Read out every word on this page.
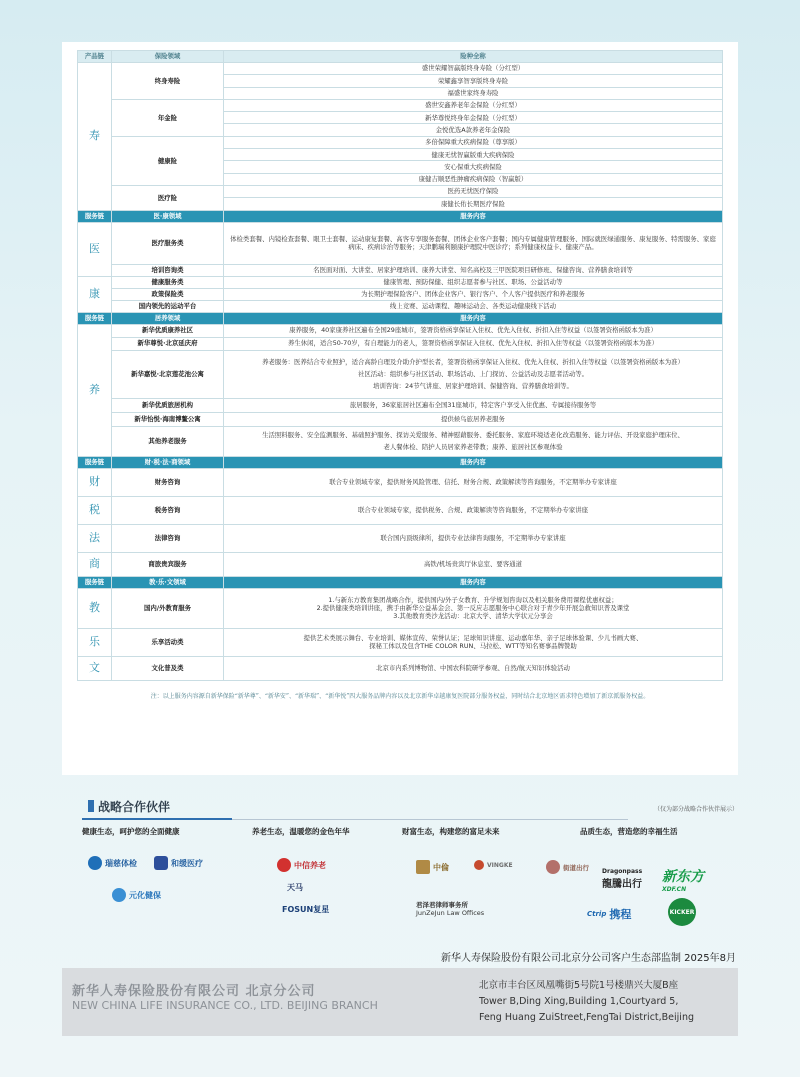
产品链	保险领域	险种全称
寿	终身寿险	盛世荣耀智赢版终身寿险（分红型）
		荣耀鑫享智享版终身寿险
		福盛世家终身寿险
	年金险	盛世安鑫养老年金保险（分红型）
		新华尊悦终身年金保险（分红型）
		金悦优选A款养老年金保险
	健康险	多倍保障重大疾病保险（尊享版）
		健康无忧智赢版重大疾病保险
		安心保重大疾病保险
		康健吉顺恶性肿瘤疾病保险（智赢版）
	医疗险	医药无忧医疗保险
		康健长佑长期医疗保险
服务链	医·康领域	服务内容
医	医疗服务类	体检类套餐、内镜检查套餐、眼卫士套餐、运动康复套餐、高客专享服务套餐、团体企业客户套餐；国内专属健康管理服务、国际就医绿通服务、康复服务、特需服务、家庭病床、疾病诊治等服务；天津鹏瑞利颐康护理院中医诊疗；系列健康权益卡、健康产品。
	培训咨询类	名医面对面、大讲堂、居家护理培训、康养大讲堂、知名高校及三甲医院项目研修班、保健咨询、营养膳食培训等
康	健康服务类	健康管理、预防保健、组织志愿者参与社区、职场、公益活动等
	政策保险类	为长期护理保险客户、团体企业客户、银行客户、个人客户提供医疗和养老服务
	国内领先的运动平台	线上竞赛、运动课程、趣味运动会、各类运动健康线下活动
服务链	居养领域	服务内容
养	新华优质康养社区	康养服务，40家康养社区遍布全国29座城市，签署资格函享保证入住权、优先入住权、折扣入住等权益（以签署资格函版本为准）

	新华尊悦·北京延庆府	养生休闲，适合50-70岁，有自理能力的老人，签署资格函享保证入住权、优先入住权、折扣入住等权益（以签署资格函版本为准）

	新华嘉悦·北京莲花池公寓	养老服务：医养结合专业照护，适合高龄自理及介助介护型长者，签署资格函享保证入住权、优先入住权、折扣入住等权益（以签署资格函版本为准）
社区活动：组织参与社区活动、职场活动、上门探访、公益活动及志愿者活动等。
培训咨询：24节气讲座、居家护理培训、保健咨询、营养膳食培训等。

	新华优质旅居机构	旅居服务，36家旅居社区遍布全国31座城市，特定客户享受入住优惠、专属接待服务等

	新华怡悦·海南博鳌公寓	提供候鸟旅居养老服务

	其他养老服务	生活照料服务、安全监测服务、基础照护服务、探访关爱服务、精神慰藉服务、委托服务、家庭环境适老化改造服务、能力评估、开设家庭护理床位、
老人餐体检、陪护人员居家养老带教；康养、旅居社区参观体验

服务链	财·税·法·商领域	服务内容
财	财务咨询	联合专业领域专家，提供财务风险管理、信托、财务合规、政策解读等咨询服务，不定期举办专家讲座
税	税务咨询	联合专业领域专家，提供税务、合规、政策解读等咨询服务，不定期举办专家讲座
法	法律咨询	联合国内顶级律所，提供专业法律咨询服务，不定期举办专家讲座
商	商旅贵宾服务	高铁/机场贵宾厅休息室、要客通道
服务链	教·乐·文领域	服务内容
教	国内/外教育服务	1.与新东方教育集团战略合作，提供国内/外子女教育、升学规划咨询以及相关服务费用课程优惠权益；
2.提供健康类培训讲座，携手由新华公益基金会、第一反应志愿服务中心联合对于青少年开展急救知识普及课堂
3.其他教育类沙龙活动：北京大学、清华大学状元分享会

乐	乐享活动类	提供艺术类展示舞台、专业培训、媒体宣传、荣誉认证；足球知识讲座、运动嘉年华、亲子足球体验课、少儿书画大赛、
探秘工体以及包含THE COLOR RUN、马拉松、WTT等知名赛事品牌赞助

文	文化普及类	北京市内系列博物馆、中国农科院研学参观、自然/航天知识体验活动
注：以上服务内容源自新华保险“新华尊”、“新华安”、“新华瑞”、“新华悦”四大服务品牌内容以及北京新华卓越康复医院部分服务权益，同时结合北京地区需求特色增加了新京派服务权益。
战略合作伙伴	（仅为部分战略合作伙伴展示）
健康生态，呵护您的全面健康
瑞慈体检	和缓医疗
元化健保
养老生态，温暖您的金色年华
中信养老
天马
FOSUN复星
财富生态，构建您的富足未来
中倫	VINGKE
君泽君律师事务所
JunZeJun Law Offices
品质生态，营造您的幸福生活
街道出行 Dragonpass
龍騰出行 新东方
XDF.CN
Ctrip 携程	KICKER
新华人寿保险股份有限公司北京分公司客户生态部监制 2025年8月
新华人寿保险股份有限公司 北京分公司
NEW CHINA LIFE INSURANCE CO., LTD. BEIJING BRANCH
北京市丰台区凤凰嘴街5号院1号楼鼎兴大厦B座
Tower B,Ding Xing,Building 1,Courtyard 5,
Feng Huang ZuiStreet,FengTai District,Beijing
